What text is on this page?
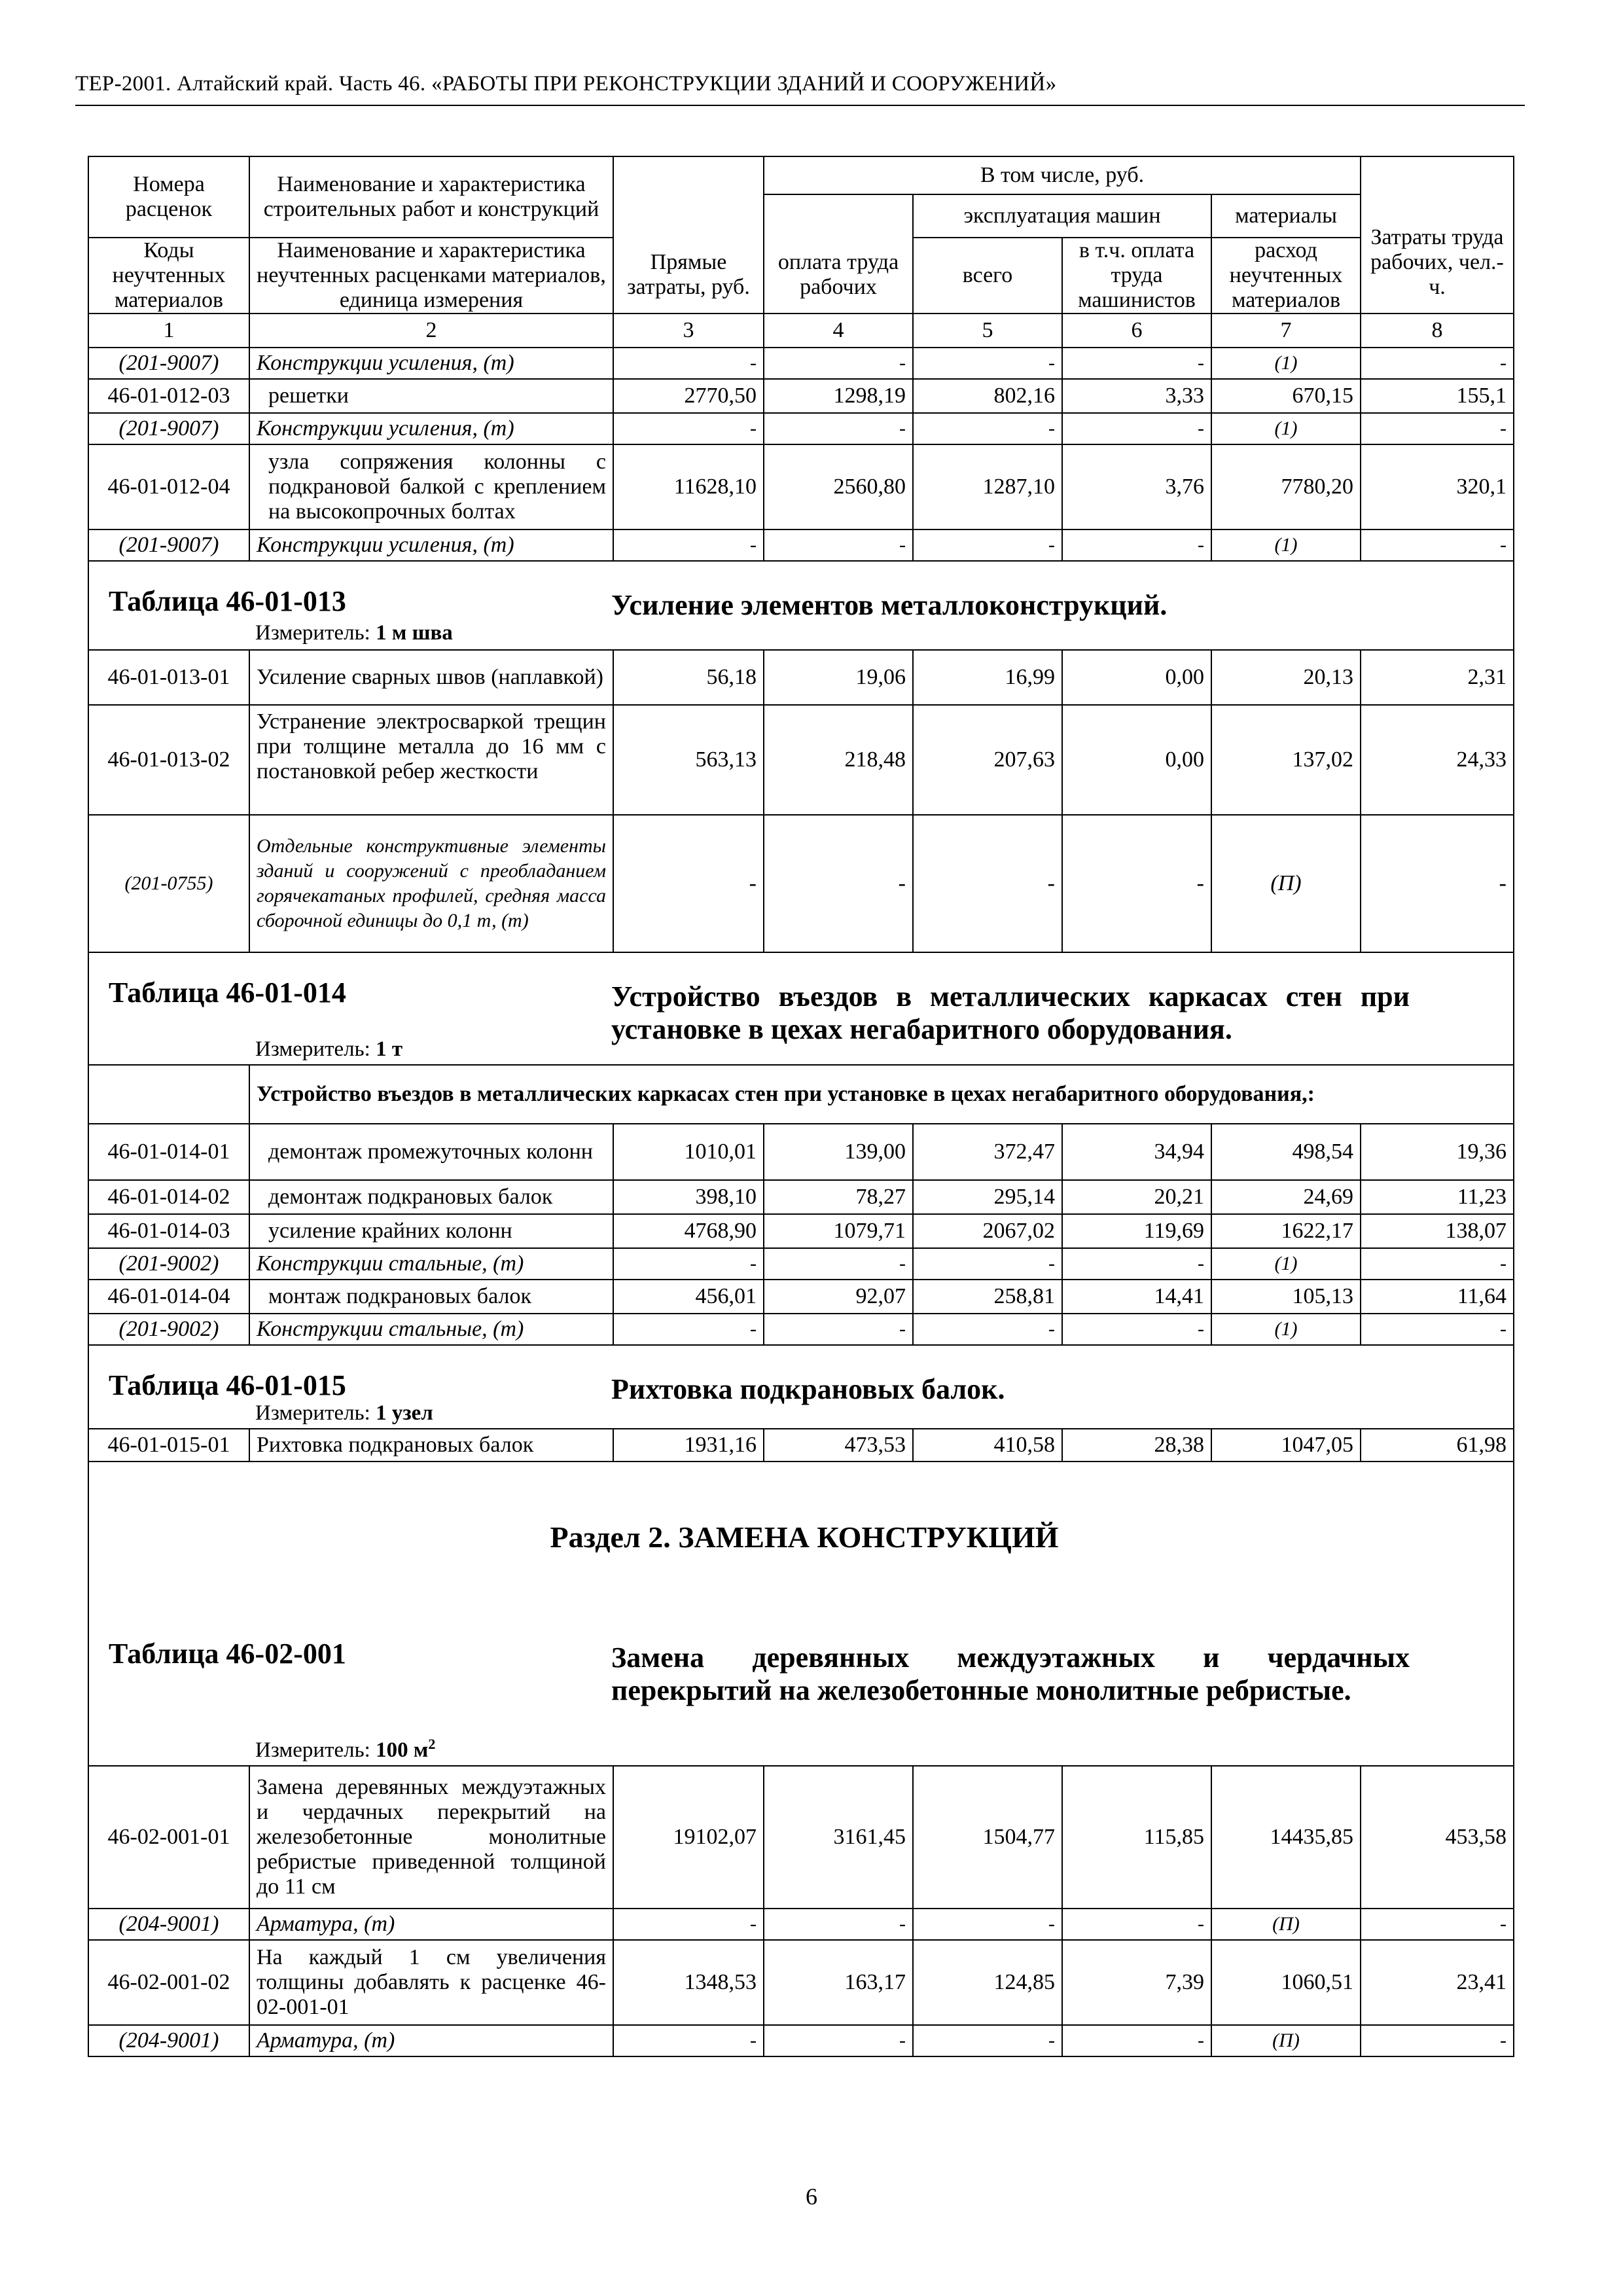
ТЕР-2001. Алтайский край. Часть 46. «РАБОТЫ ПРИ РЕКОНСТРУКЦИИ ЗДАНИЙ И СООРУЖЕНИЙ»
Номера расценок	Наименование и характеристика строительных работ и конструкций	Прямые затраты, руб.	В том числе, руб.				Затраты труда рабочих, чел.-ч.
			оплата труда рабочих	эксплуатация машин		материалы	
Коды неучтенных материалов	Наименование и характеристика неучтенных расценками материалов, единица измерения			всего	в т.ч. оплата труда машинистов	расход неучтенных материалов	

1	2	3	4	5	6	7	8
(201-9007)	Конструкции усиления, (т)	-	-	-	-	(1)	-
46-01-012-03	решетки	2770,50	1298,19	802,16	3,33	670,15	155,1
(201-9007)	Конструкции усиления, (т)	-	-	-	-	(1)	-
46-01-012-04	узла сопряжения колонны с подкрановой балкой с креплением на высокопрочных болтах	11628,10	2560,80	1287,10	3,76	7780,20	320,1
(201-9007)	Конструкции усиления, (т)	-	-	-	-	(1)	-

Таблица 46-01-013
Измеритель: 1 м шва
Усиление элементов металлоконструкций.							

46-01-013-01	Усиление сварных швов (наплавкой)	56,18	19,06	16,99	0,00	20,13	2,31
46-01-013-02	Устранение электросваркой трещин при толщине металла до 16 мм с постановкой ребер жесткости	563,13	218,48	207,63	0,00	137,02	24,33
(201-0755)	Отдельные конструктивные элементы зданий и сооружений с преобладанием горячекатаных профилей, средняя масса сборочной единицы до 0,1 т, (т)	-	-	-	-	(П)	-

Таблица 46-01-014
Измеритель: 1 т
Устройство въездов в металлических каркасах стен при установке в цехах негабаритного оборудования.							

	Устройство въездов в металлических каркасах стен при установке в цехах негабаритного оборудования,:						
46-01-014-01	демонтаж промежуточных колонн	1010,01	139,00	372,47	34,94	498,54	19,36
46-01-014-02	демонтаж подкрановых балок	398,10	78,27	295,14	20,21	24,69	11,23
46-01-014-03	усиление крайних колонн	4768,90	1079,71	2067,02	119,69	1622,17	138,07
(201-9002)	Конструкции стальные, (т)	-	-	-	-	(1)	-
46-01-014-04	монтаж подкрановых балок	456,01	92,07	258,81	14,41	105,13	11,64
(201-9002)	Конструкции стальные, (т)	-	-	-	-	(1)	-

Таблица 46-01-015
Измеритель: 1 узел
Рихтовка подкрановых балок.							

46-01-015-01	Рихтовка подкрановых балок	1931,16	473,53	410,58	28,38	1047,05	61,98

Раздел 2. ЗАМЕНА КОНСТРУКЦИЙ
Таблица 46-02-001
Измеритель: 100 $м^2$
Замена деревянных междуэтажных и чердачных перекрытий на железобетонные монолитные ребристые.							

46-02-001-01	Замена деревянных междуэтажных и чердачных перекрытий на железобетонные монолитные ребристые приведенной толщиной до 11 см	19102,07	3161,45	1504,77	115,85	14435,85	453,58
(204-9001)	Арматура, (т)	-	-	-	-	(П)	-
46-02-001-02	На каждый 1 см увеличения толщины добавлять к расценке 46-02-001-01	1348,53	163,17	124,85	7,39	1060,51	23,41
(204-9001)	Арматура, (т)	-	-	-	-	(П)	-
6
